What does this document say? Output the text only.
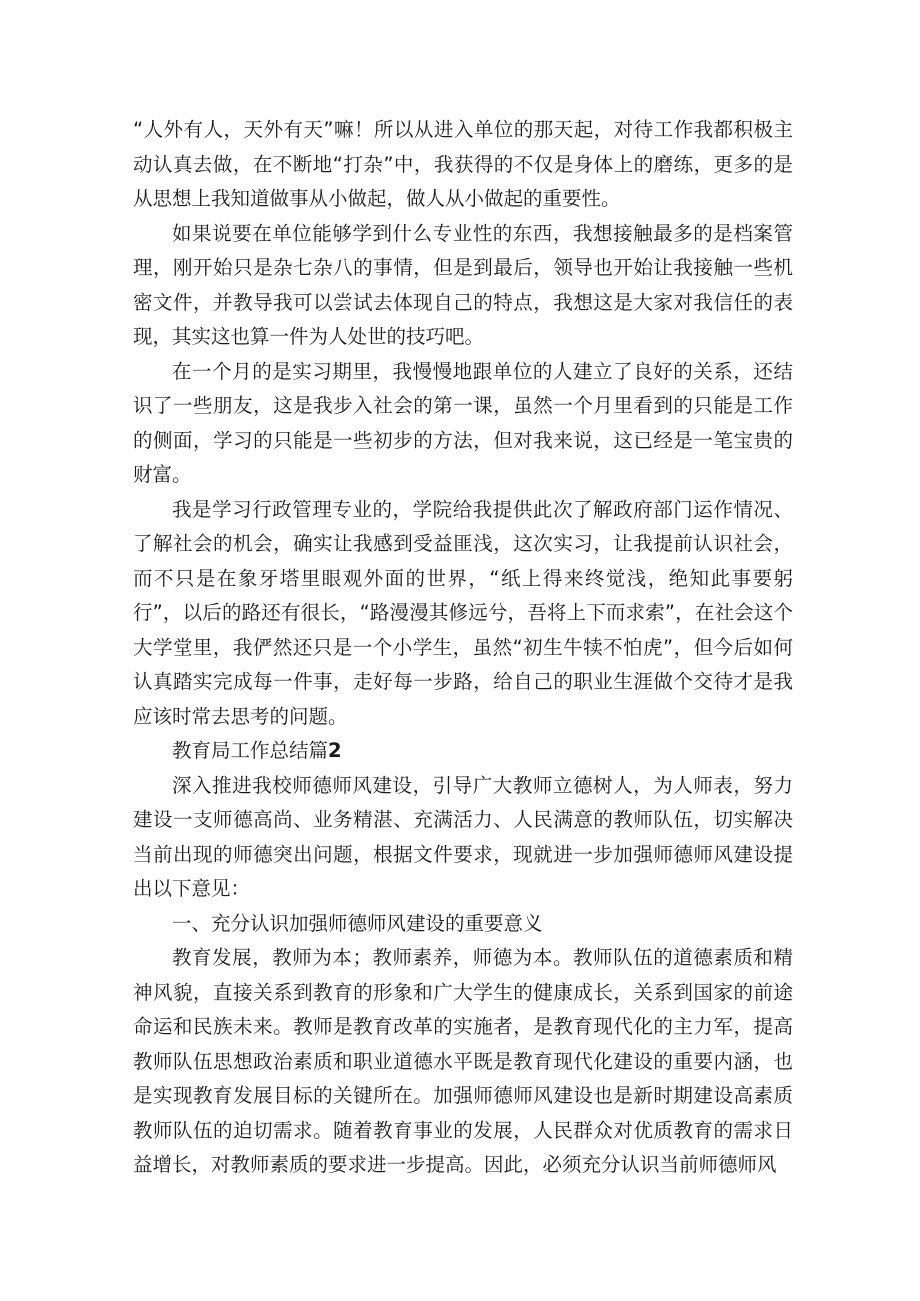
“人外有人，天外有天”嘛！所以从进入单位的那天起，对待工作我都积极主动认真去做，在不断地“打杂”中，我获得的不仅是身体上的磨练，更多的是从思想上我知道做事从小做起，做人从小做起的重要性。

如果说要在单位能够学到什么专业性的东西，我想接触最多的是档案管理，刚开始只是杂七杂八的事情，但是到最后，领导也开始让我接触一些机密文件，并教导我可以尝试去体现自己的特点，我想这是大家对我信任的表现，其实这也算一件为人处世的技巧吧。

在一个月的是实习期里，我慢慢地跟单位的人建立了良好的关系，还结识了一些朋友，这是我步入社会的第一课，虽然一个月里看到的只能是工作的侧面，学习的只能是一些初步的方法，但对我来说，这已经是一笔宝贵的财富。

我是学习行政管理专业的，学院给我提供此次了解政府部门运作情况、了解社会的机会，确实让我感到受益匪浅，这次实习，让我提前认识社会，而不只是在象牙塔里眼观外面的世界，“纸上得来终觉浅，绝知此事要躬行”，以后的路还有很长，“路漫漫其修远兮，吾将上下而求索”，在社会这个大学堂里，我俨然还只是一个小学生，虽然“初生牛犊不怕虎”，但今后如何认真踏实完成每一件事，走好每一步路，给自己的职业生涯做个交待才是我应该时常去思考的问题。

教育局工作总结篇2

深入推进我校师德师风建设，引导广大教师立德树人，为人师表，努力建设一支师德高尚、业务精湛、充满活力、人民满意的教师队伍，切实解决当前出现的师德突出问题，根据文件要求，现就进一步加强师德师风建设提出以下意见：

一、充分认识加强师德师风建设的重要意义

教育发展，教师为本；教师素养，师德为本。教师队伍的道德素质和精神风貌，直接关系到教育的形象和广大学生的健康成长，关系到国家的前途命运和民族未来。教师是教育改革的实施者，是教育现代化的主力军，提高教师队伍思想政治素质和职业道德水平既是教育现代化建设的重要内涵，也是实现教育发展目标的关键所在。加强师德师风建设也是新时期建设高素质教师队伍的迫切需求。随着教育事业的发展，人民群众对优质教育的需求日益增长，对教师素质的要求进一步提高。因此，必须充分认识当前师德师风
